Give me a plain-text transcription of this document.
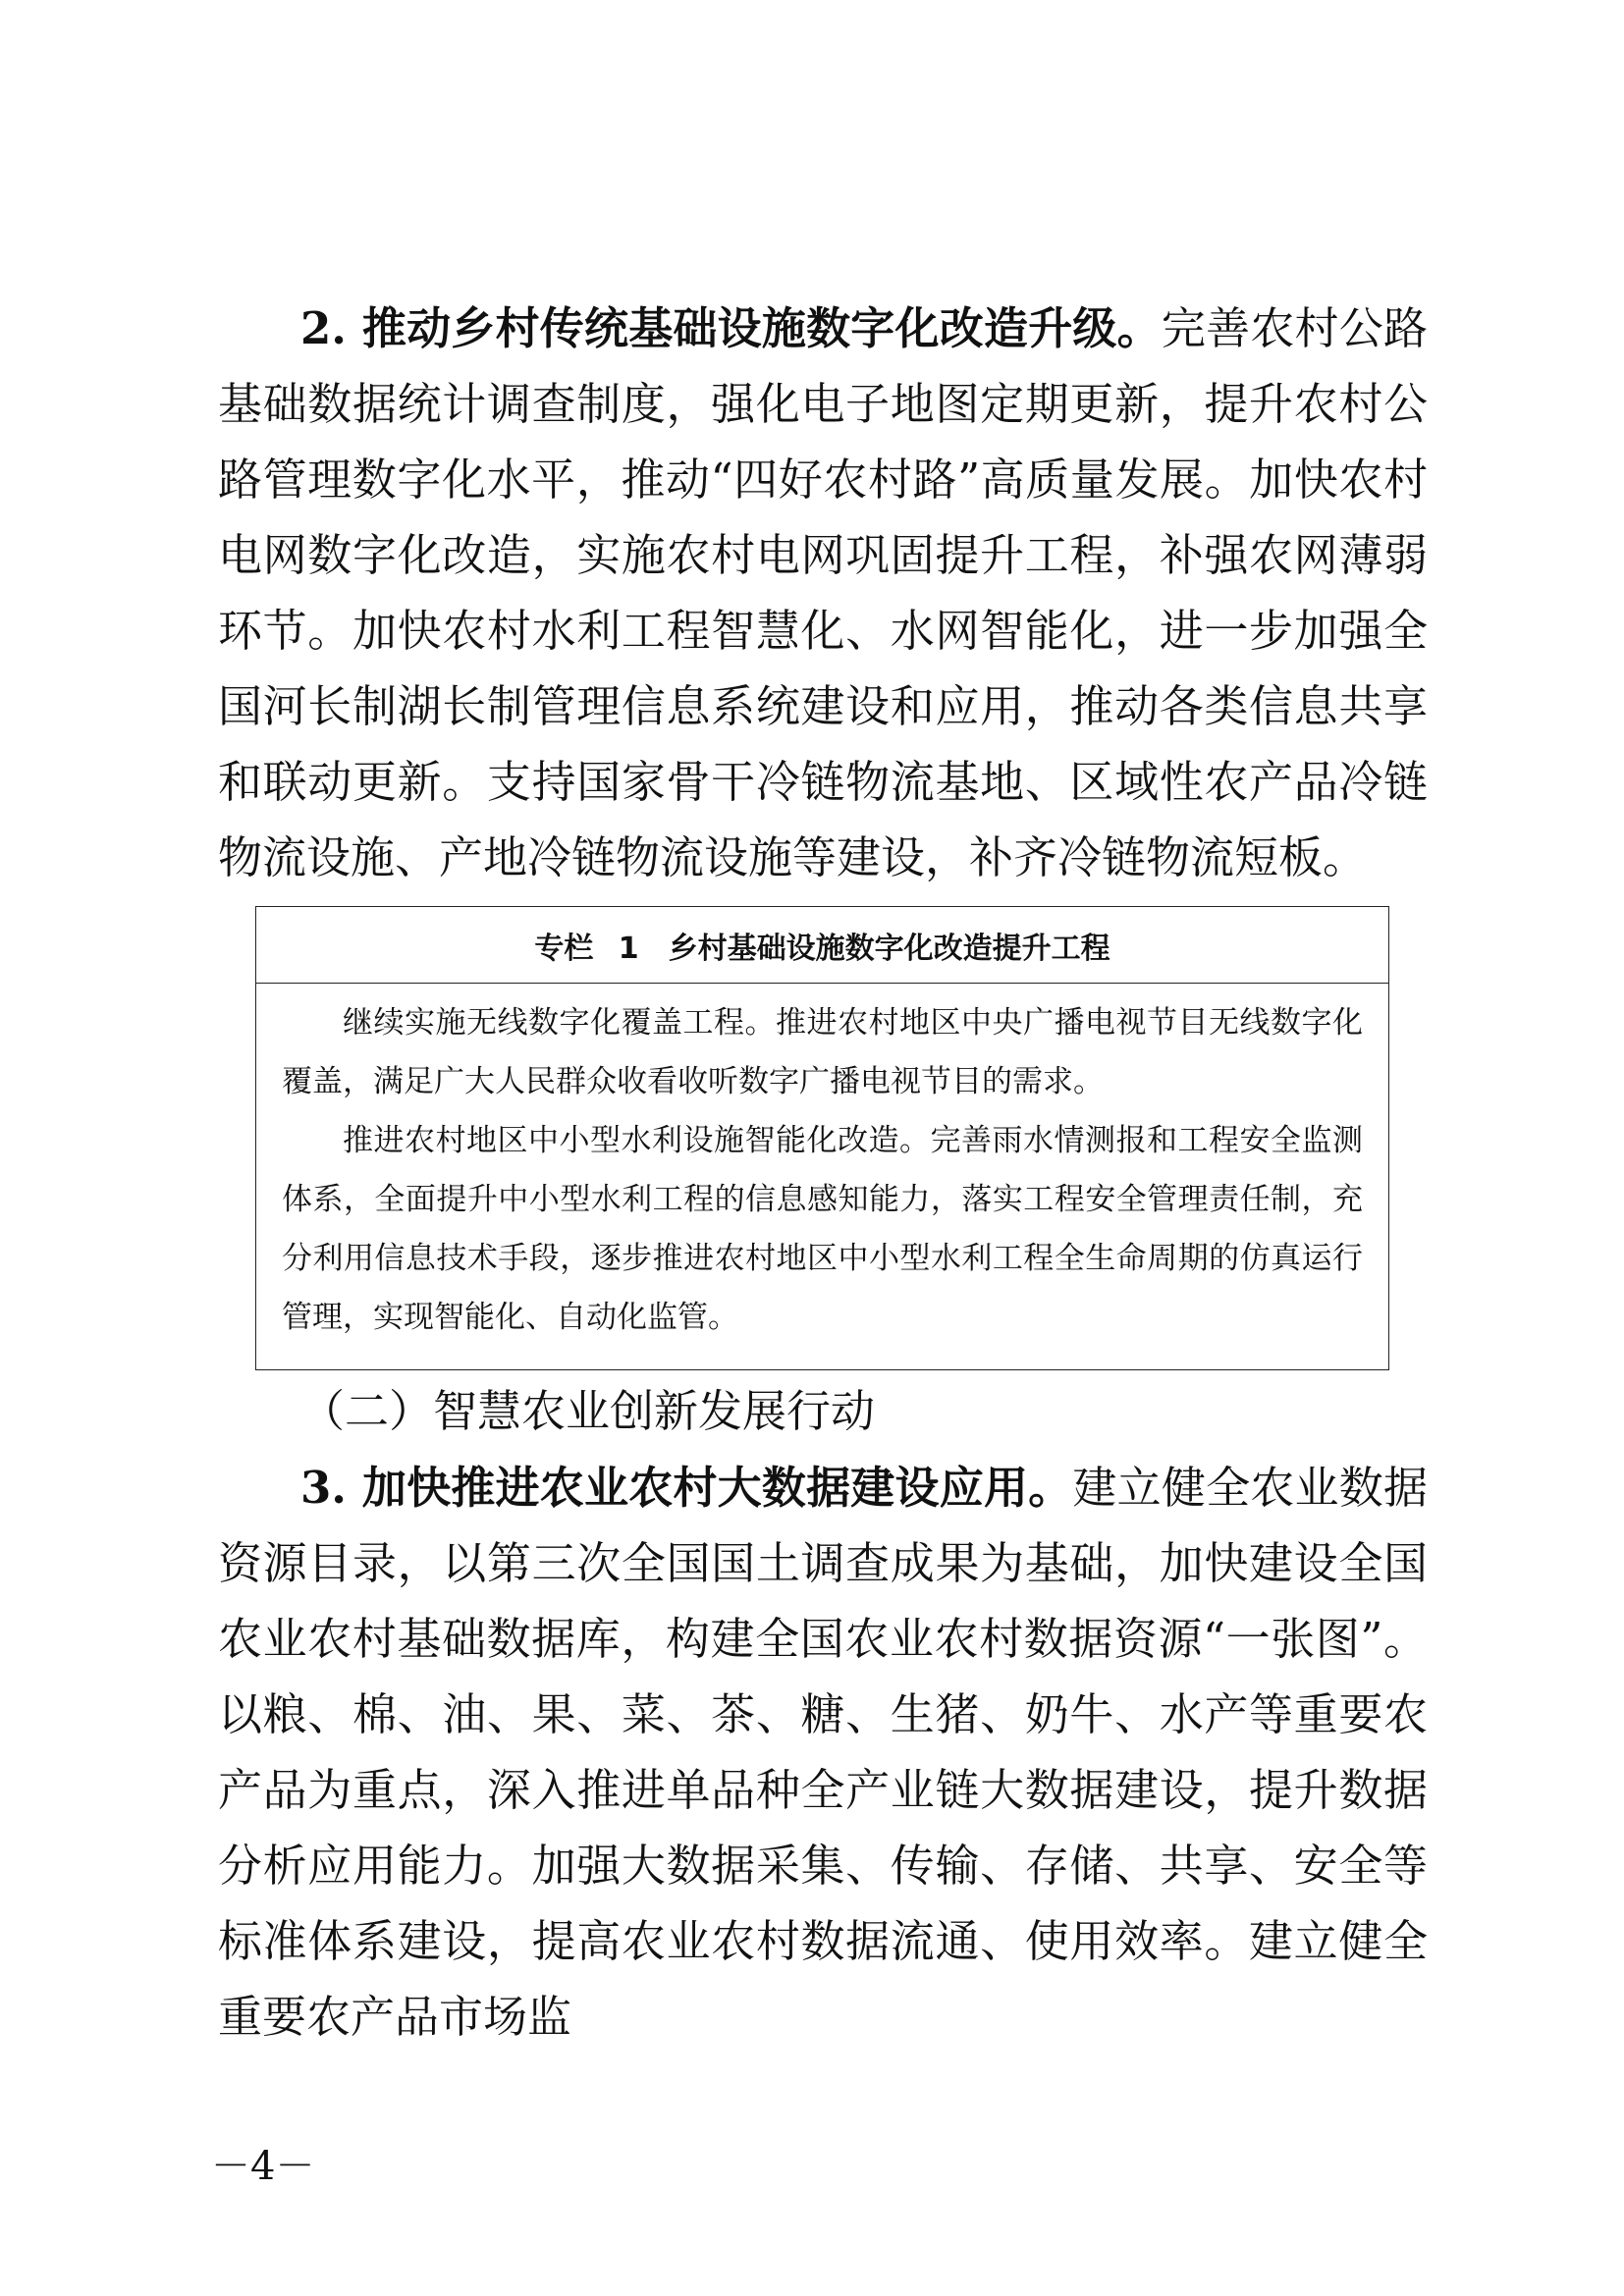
2. 推动乡村传统基础设施数字化改造升级。完善农村公路基础数据统计调查制度，强化电子地图定期更新，提升农村公路管理数字化水平，推动“四好农村路”高质量发展。加快农村电网数字化改造，实施农村电网巩固提升工程，补强农网薄弱环节。加快农村水利工程智慧化、水网智能化，进一步加强全国河长制湖长制管理信息系统建设和应用，推动各类信息共享和联动更新。支持国家骨干冷链物流基地、区域性农产品冷链物流设施、产地冷链物流设施等建设，补齐冷链物流短板。

专栏 1　乡村基础设施数字化改造提升工程

继续实施无线数字化覆盖工程。推进农村地区中央广播电视节目无线数字化覆盖，满足广大人民群众收看收听数字广播电视节目的需求。

推进农村地区中小型水利设施智能化改造。完善雨水情测报和工程安全监测体系，全面提升中小型水利工程的信息感知能力，落实工程安全管理责任制，充分利用信息技术手段，逐步推进农村地区中小型水利工程全生命周期的仿真运行管理，实现智能化、自动化监管。

（二）智慧农业创新发展行动

3. 加快推进农业农村大数据建设应用。建立健全农业数据资源目录，以第三次全国国土调查成果为基础，加快建设全国农业农村基础数据库，构建全国农业农村数据资源“一张图”。以粮、棉、油、果、菜、茶、糖、生猪、奶牛、水产等重要农产品为重点，深入推进单品种全产业链大数据建设，提升数据分析应用能力。加强大数据采集、传输、存储、共享、安全等标准体系建设，提高农业农村数据流通、使用效率。建立健全重要农产品市场监

－4－
